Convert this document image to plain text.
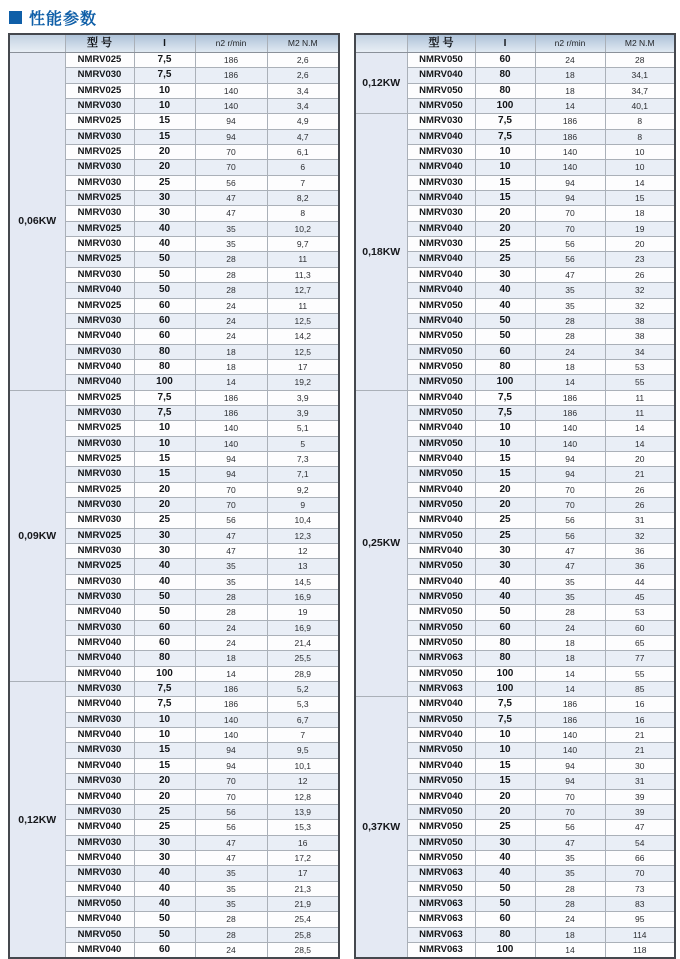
性能参数
	型 号	I	n2 r/min	M2 N.M
0,06KW	NMRV025	7,5	186	2,6
	NMRV030	7,5	186	2,6
	NMRV025	10	140	3,4
	NMRV030	10	140	3,4
	NMRV025	15	94	4,9
	NMRV030	15	94	4,7
	NMRV025	20	70	6,1
	NMRV030	20	70	6
	NMRV030	25	56	7
	NMRV025	30	47	8,2
	NMRV030	30	47	8
	NMRV025	40	35	10,2
	NMRV030	40	35	9,7
	NMRV025	50	28	11
	NMRV030	50	28	11,3
	NMRV040	50	28	12,7
	NMRV025	60	24	11
	NMRV030	60	24	12,5
	NMRV040	60	24	14,2
	NMRV030	80	18	12,5
	NMRV040	80	18	17
	NMRV040	100	14	19,2
0,09KW	NMRV025	7,5	186	3,9
	NMRV030	7,5	186	3,9
	NMRV025	10	140	5,1
	NMRV030	10	140	5
	NMRV025	15	94	7,3
	NMRV030	15	94	7,1
	NMRV025	20	70	9,2
	NMRV030	20	70	9
	NMRV030	25	56	10,4
	NMRV025	30	47	12,3
	NMRV030	30	47	12
	NMRV025	40	35	13
	NMRV030	40	35	14,5
	NMRV030	50	28	16,9
	NMRV040	50	28	19
	NMRV030	60	24	16,9
	NMRV040	60	24	21,4
	NMRV040	80	18	25,5
	NMRV040	100	14	28,9
0,12KW	NMRV030	7,5	186	5,2
	NMRV040	7,5	186	5,3
	NMRV030	10	140	6,7
	NMRV040	10	140	7
	NMRV030	15	94	9,5
	NMRV040	15	94	10,1
	NMRV030	20	70	12
	NMRV040	20	70	12,8
	NMRV030	25	56	13,9
	NMRV040	25	56	15,3
	NMRV030	30	47	16
	NMRV040	30	47	17,2
	NMRV030	40	35	17
	NMRV040	40	35	21,3
	NMRV050	40	35	21,9
	NMRV040	50	28	25,4
	NMRV050	50	28	25,8
	NMRV040	60	24	28,5
	型 号	I	n2 r/min	M2 N.M
0,12KW	NMRV050	60	24	28
	NMRV040	80	18	34,1
	NMRV050	80	18	34,7
	NMRV050	100	14	40,1
0,18KW	NMRV030	7,5	186	8
	NMRV040	7,5	186	8
	NMRV030	10	140	10
	NMRV040	10	140	10
	NMRV030	15	94	14
	NMRV040	15	94	15
	NMRV030	20	70	18
	NMRV040	20	70	19
	NMRV030	25	56	20
	NMRV040	25	56	23
	NMRV040	30	47	26
	NMRV040	40	35	32
	NMRV050	40	35	32
	NMRV040	50	28	38
	NMRV050	50	28	38
	NMRV050	60	24	34
	NMRV050	80	18	53
	NMRV050	100	14	55
0,25KW	NMRV040	7,5	186	11
	NMRV050	7,5	186	11
	NMRV040	10	140	14
	NMRV050	10	140	14
	NMRV040	15	94	20
	NMRV050	15	94	21
	NMRV040	20	70	26
	NMRV050	20	70	26
	NMRV040	25	56	31
	NMRV050	25	56	32
	NMRV040	30	47	36
	NMRV050	30	47	36
	NMRV040	40	35	44
	NMRV050	40	35	45
	NMRV050	50	28	53
	NMRV050	60	24	60
	NMRV050	80	18	65
	NMRV063	80	18	77
	NMRV050	100	14	55
	NMRV063	100	14	85
0,37KW	NMRV040	7,5	186	16
	NMRV050	7,5	186	16
	NMRV040	10	140	21
	NMRV050	10	140	21
	NMRV040	15	94	30
	NMRV050	15	94	31
	NMRV040	20	70	39
	NMRV050	20	70	39
	NMRV050	25	56	47
	NMRV050	30	47	54
	NMRV050	40	35	66
	NMRV063	40	35	70
	NMRV050	50	28	73
	NMRV063	50	28	83
	NMRV063	60	24	95
	NMRV063	80	18	114
	NMRV063	100	14	118
